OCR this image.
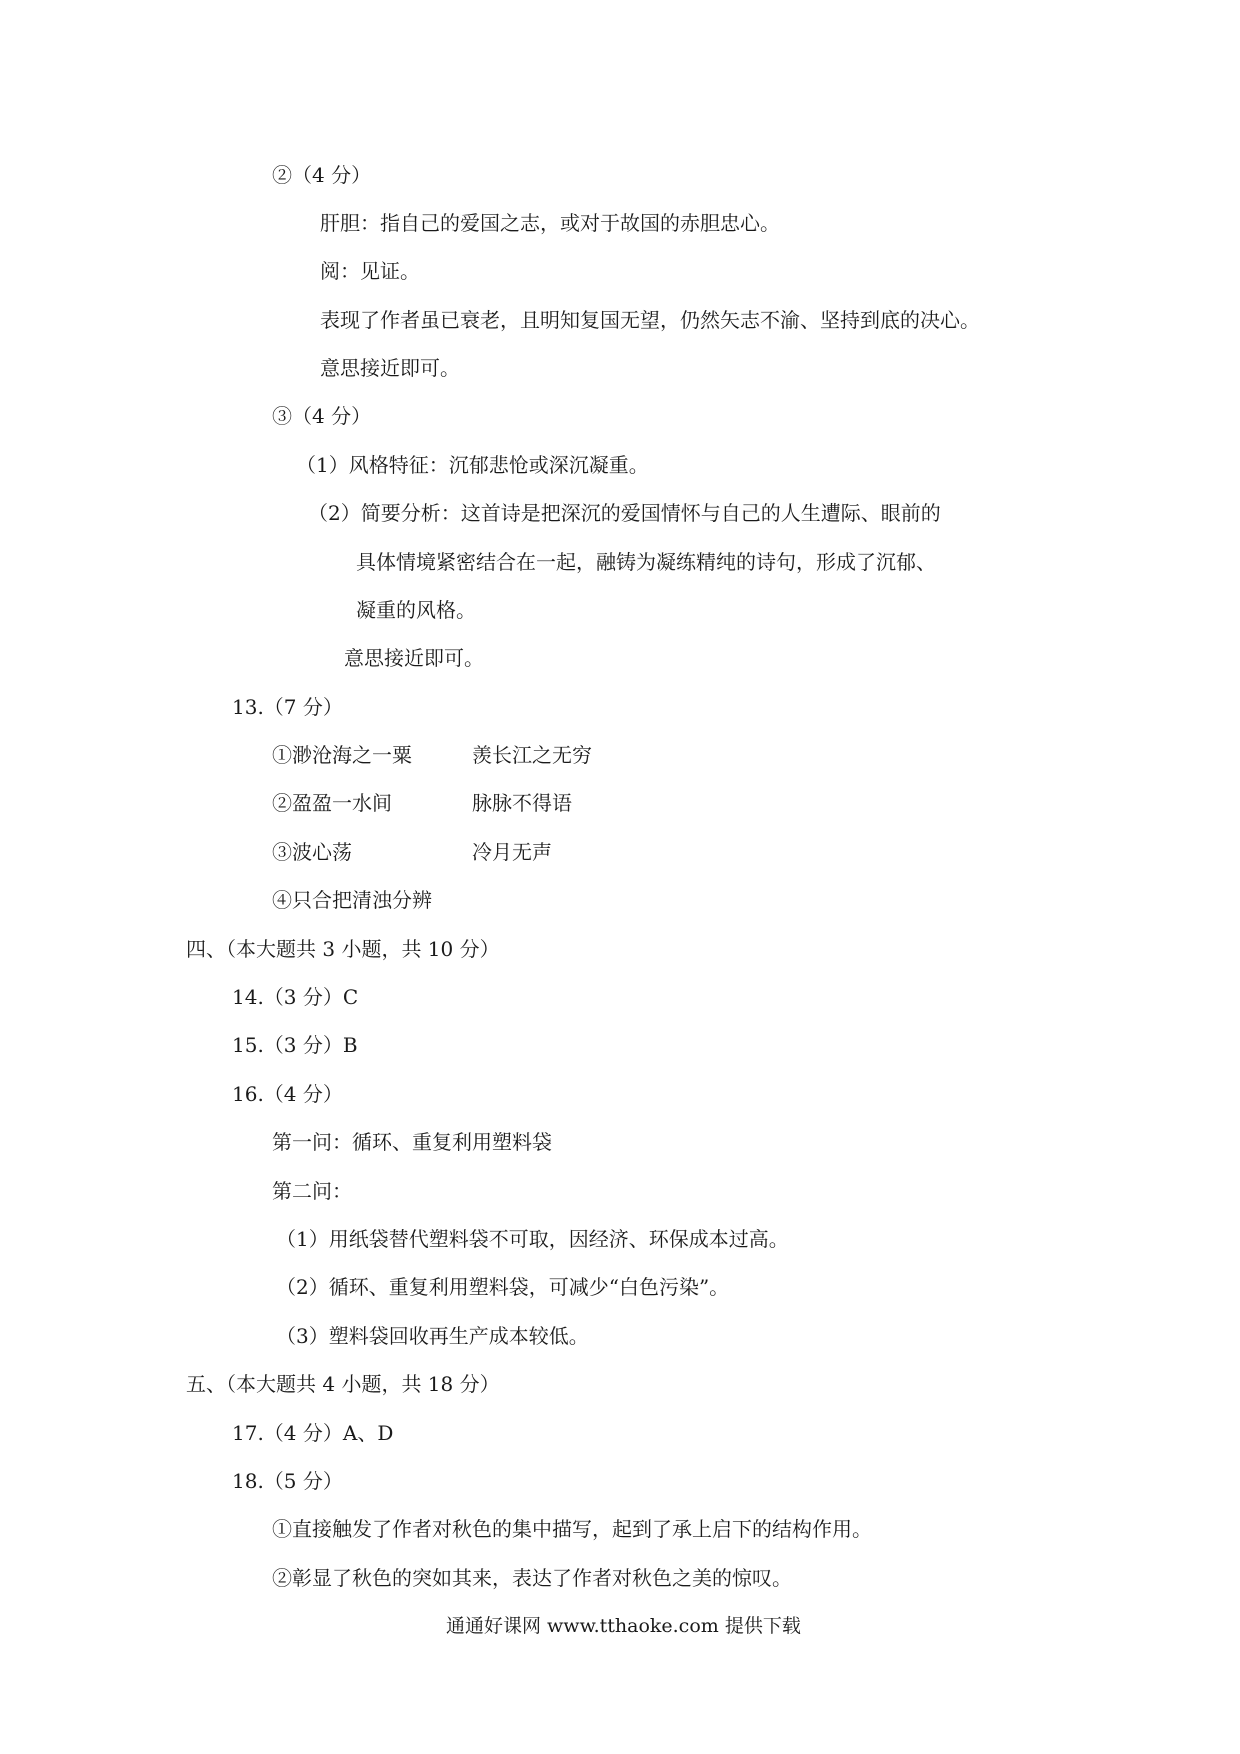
②（4 分）
肝胆：指自己的爱国之志，或对于故国的赤胆忠心。
阅：见证。
表现了作者虽已衰老，且明知复国无望，仍然矢志不渝、坚持到底的决心。
意思接近即可。
③（4 分）
（1）风格特征：沉郁悲怆或深沉凝重。
（2）简要分析：这首诗是把深沉的爱国情怀与自己的人生遭际、眼前的
具体情境紧密结合在一起，融铸为凝练精纯的诗句，形成了沉郁、
凝重的风格。
意思接近即可。
13.（7 分）
①渺沧海之一粟	羡长江之无穷
②盈盈一水间	脉脉不得语
③波心荡	冷月无声
④只合把清浊分辨
四、（本大题共 3 小题，共 10 分）
14.（3 分）C
15.（3 分）B
16.（4 分）
第一问：循环、重复利用塑料袋
第二问：
（1）用纸袋替代塑料袋不可取，因经济、环保成本过高。
（2）循环、重复利用塑料袋，可减少“白色污染”。
（3）塑料袋回收再生产成本较低。
五、（本大题共 4 小题，共 18 分）
17.（4 分）A、D
18.（5 分）
①直接触发了作者对秋色的集中描写，起到了承上启下的结构作用。
②彰显了秋色的突如其来，表达了作者对秋色之美的惊叹。
通通好课网 www.tthaoke.com 提供下载
